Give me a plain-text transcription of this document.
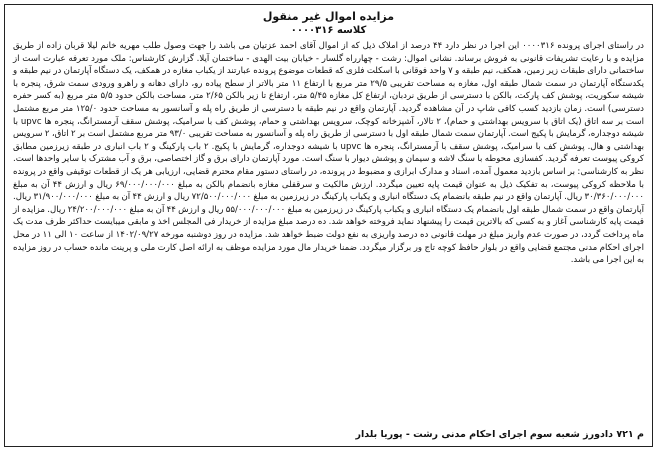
مزایده اموال غیر منقول

کلاسه ۰۰۰۰۳۱۶

در راستای اجرای پرونده ۰۰۰۰۳۱۶ این اجرا در نظر دارد ۴۴ درصد از املاک ذیل که از اموال آقای احمد عزتیان می باشد را جهت وصول طلب مهریه خانم لیلا قربان زاده از طریق مزایده و با رعایت تشریفات قانونی به فروش برساند. نشانی اموال: رشت - چهارراه گلسار - خیابان بیت الهدی - ساختمان آیلا. گزارش کارشناس: ملک مورد تعرفه عبارت است از ساختمانی دارای طبقات زیر زمین، همکف، نیم طبقه و ۷ واحد فوقانی با اسکلت فلزی که قطعات موضوع پرونده عبارتند از یکباب مغازه در همکف، یک دستگاه آپارتمان در نیم طبقه و یکدستگاه آپارتمان در سمت شمال طبقه اول، مغازه به مساحت تقریبی ۲۹/۵ متر مربع با ارتفاع ۱۱ متر بالاتر از سطح پیاده رو، دارای دهانه و راهرو ورودی سمت شرق، پنجره با شیشه سکوریت، پوشش کف پارکت، بالکن با دسترسی از طریق نردبان، ارتفاع کل مغازه ۵/۴۵ متر، ارتفاع تا زیر بالکن ۲/۶۵ متر، مساحت بالکن حدود ۵/۵ متر مربع (به کسر حفره دسترسی) است. زمان بازدید کسب کافی شاپ در آن مشاهده گردید. آپارتمان واقع در نیم طبقه با دسترسی از طریق راه پله و آسانسور به مساحت حدود ۱۲۵/۰ متر مربع مشتمل است بر سه اتاق (یک اتاق با سرویس بهداشتی و حمام)، ۲ تالار، آشپزخانه کوچک، سرویس بهداشتی و حمام، پوشش کف با سرامیک، پوشش سقف آرمسترانگ، پنجره ها upvc با شیشه دوجداره، گرمایش با پکیج است. آپارتمان سمت شمال طبقه اول با دسترسی از طریق راه پله و آسانسور به مساحت تقریبی ۹۳/۰ متر مربع مشتمل است بر ۲ اتاق، ۲ سرویس بهداشتی و هال. پوشش کف با سرامیک، پوشش سقف با آرمسترانگ، پنجره ها upvc با شیشه دوجداره، گرمایش با پکیج. ۲ باب پارکینگ و ۲ باب انباری در طبقه زیرزمین مطابق کروکی پیوست تعرفه گردید. کفسازی محوطه با سنگ لاشه و سیمان و پوشش دیوار با سنگ است. مورد آپارتمان دارای برق و گاز اختصاصی، برق و آب مشترک با سایر واحدها است. نظر به کارشناسی: بر اساس بازدید معمول آمده، اسناد و مدارک ابرازی و مضبوط در پرونده، در راستای دستور مقام محترم قضایی، ارزیابی هر یک از قطعات توقیفی واقع در پرونده با ملاحظه کروکی پیوست، به تفکیک ذیل به عنوان قیمت پایه تعیین میگردد. ارزش مالکیت و سرقفلی مغازه بانضمام بالکن به مبلغ ۶۹/۰۰۰/۰۰۰/۰۰۰ ریال و ارزش ۴۴ آن به مبلغ ۳۰/۳۶۰/۰۰۰/۰۰۰ ریال. آپارتمان واقع در نیم طبقه بانضمام یک دستگاه انباری و یکباب پارکینگ در زیرزمین به مبلغ ۷۲/۵۰۰/۰۰۰/۰۰۰ ریال و ارزش ۴۴ آن به مبلغ ۳۱/۹۰۰/۰۰۰/۰۰۰ ریال. آپارتمان واقع در سمت شمال طبقه اول بانضمام یک دستگاه انباری و یکباب پارکینگ در زیرزمین به مبلغ ۵۵/۰۰۰/۰۰۰/۰۰۰ ریال و ارزش ۴۴ آن به مبلغ ۲۴/۲۰۰/۰۰۰/۰۰۰ ریال. مزایده از قیمت پایه کارشناسی آغاز و به کسی که بالاترین قیمت را پیشنهاد نماید فروخته خواهد شد. ده درصد مبلغ مزایده از خریدار فی المجلس اخذ و مابقی میبایست حداکثر ظرف مدت یک ماه پرداخت گردد، در صورت عدم واریز مبلغ در مهلت قانونی ده درصد واریزی به نفع دولت ضبط خواهد شد. مزایده در روز دوشنبه مورخه ۱۴۰۲/۰۹/۲۷ از ساعت ۱۰ الی ۱۱ در محل اجرای احکام مدنی مجتمع قضایی واقع در بلوار حافظ کوچه تاج ور برگزار میگردد. ضمنا خریدار مال مورد مزایده موظف به ارائه اصل کارت ملی و پرینت مانده حساب در روز مزایده به این اجرا می باشد.

م ۷۲۱ دادورز شعبه سوم اجرای احکام مدنی رشت - پوریا بلدار
